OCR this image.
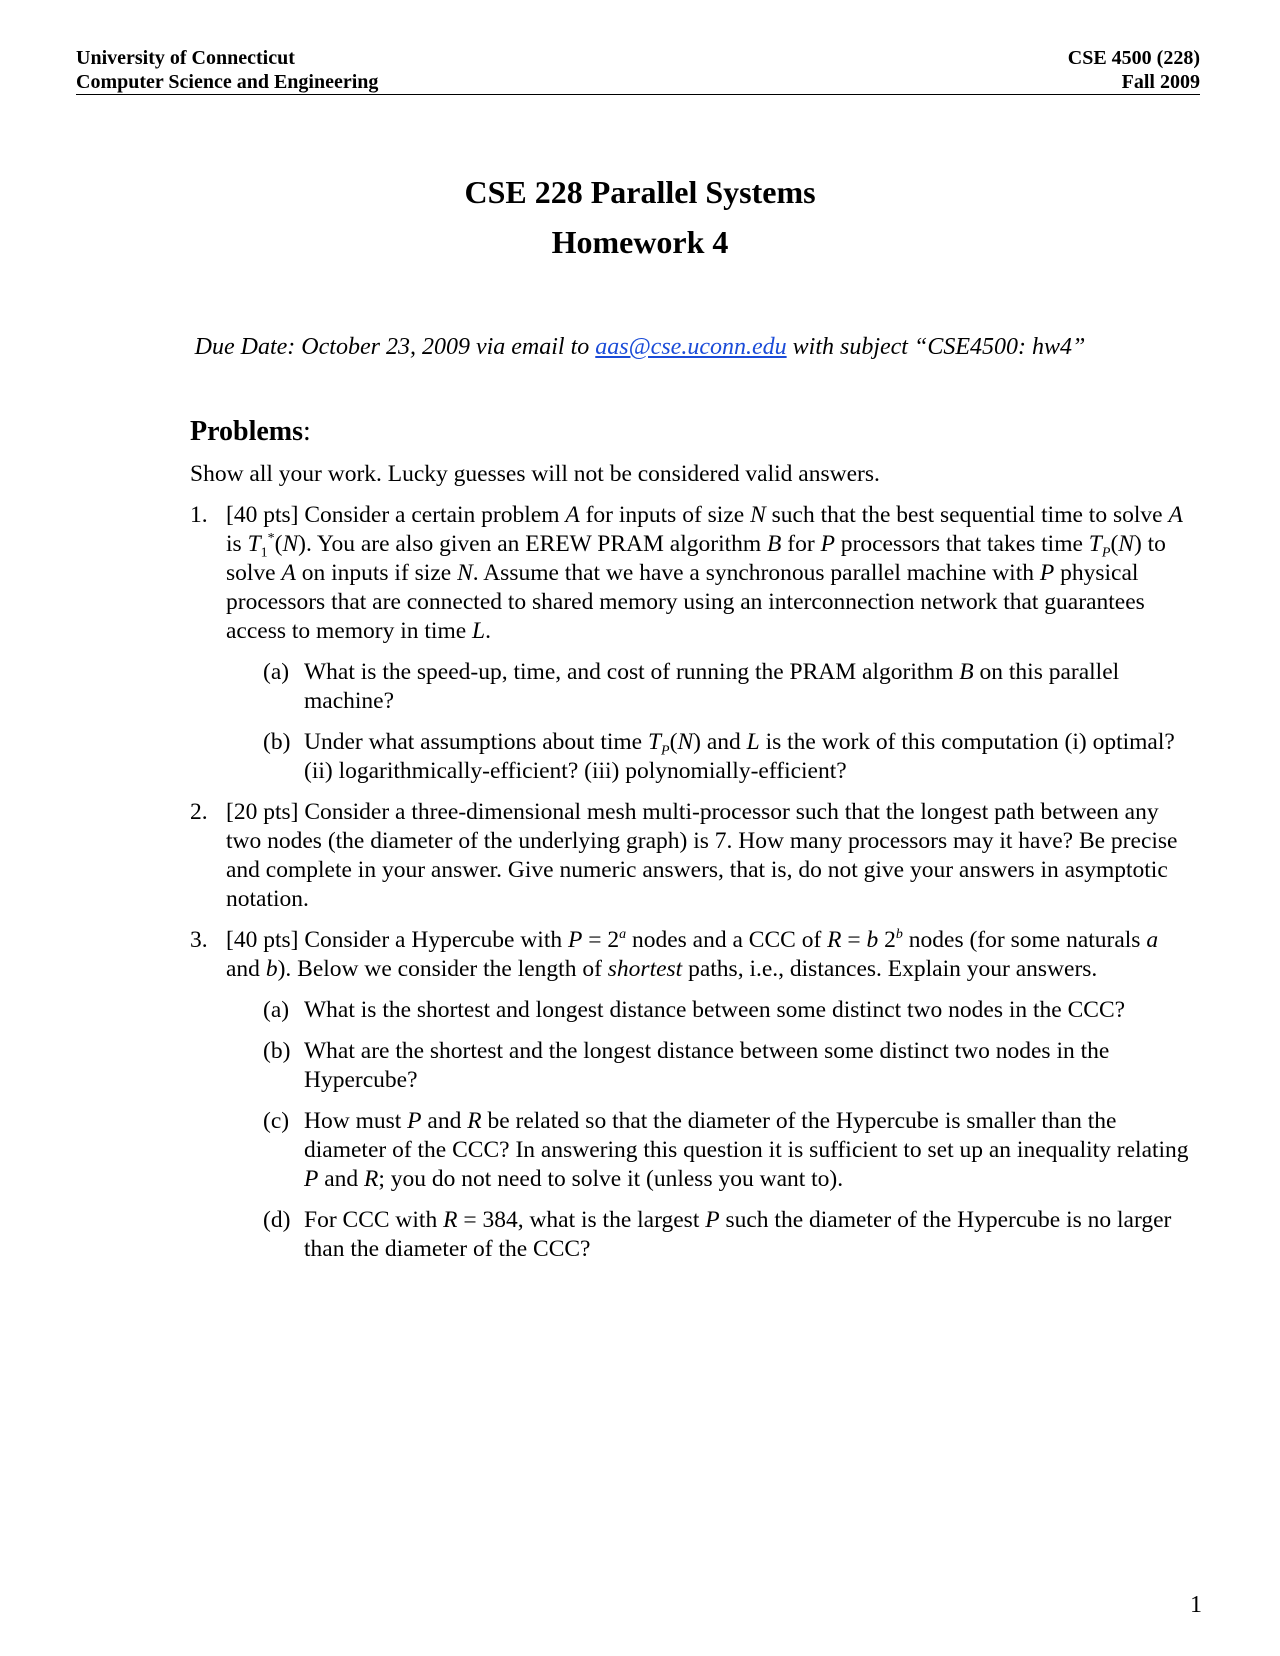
University of Connecticut
Computer Science and Engineering
CSE 4500 (228)
Fall 2009
CSE 228 Parallel Systems
Homework 4
Due Date: October 23, 2009 via email to aas@cse.uconn.edu with subject “CSE4500: hw4”
Problems:
Show all your work. Lucky guesses will not be considered valid answers.
1. [40 pts] Consider a certain problem A for inputs of size N such that the best sequential time to solve A is $T_1^*(N)$. You are also given an EREW PRAM algorithm B for P processors that takes time $T_P(N)$ to solve A on inputs if size N. Assume that we have a synchronous parallel machine with P physical processors that are connected to shared memory using an interconnection network that guarantees access to memory in time L.
(a) What is the speed-up, time, and cost of running the PRAM algorithm B on this parallel machine?
(b) Under what assumptions about time $T_P(N)$ and L is the work of this computation (i) optimal? (ii) logarithmically-efficient? (iii) polynomially-efficient?
2. [20 pts] Consider a three-dimensional mesh multi-processor such that the longest path between any two nodes (the diameter of the underlying graph) is 7. How many processors may it have? Be precise and complete in your answer. Give numeric answers, that is, do not give your answers in asymptotic notation.
3. [40 pts] Consider a Hypercube with $P = 2^a$ nodes and a CCC of R = b 2$^b$ nodes (for some naturals a and b). Below we consider the length of shortest paths, i.e., distances. Explain your answers.
(a) What is the shortest and longest distance between some distinct two nodes in the CCC?
(b) What are the shortest and the longest distance between some distinct two nodes in the Hypercube?
(c) How must P and R be related so that the diameter of the Hypercube is smaller than the diameter of the CCC? In answering this question it is sufficient to set up an inequality relating P and R; you do not need to solve it (unless you want to).
(d) For CCC with R = 384, what is the largest P such the diameter of the Hypercube is no larger than the diameter of the CCC?
1
